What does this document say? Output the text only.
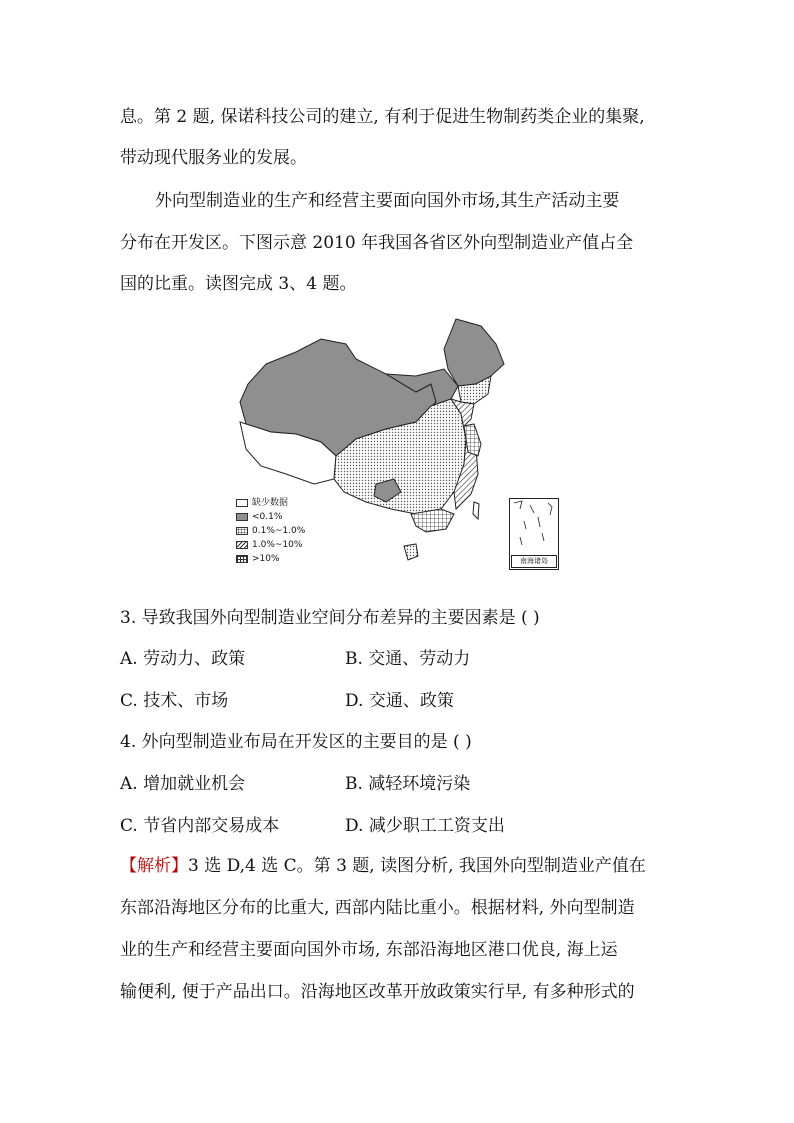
息。第 2 题, 保诺科技公司的建立, 有利于促进生物制药类企业的集聚,
带动现代服务业的发展。
外向型制造业的生产和经营主要面向国外市场,其生产活动主要
分布在开发区。下图示意 2010 年我国各省区外向型制造业产值占全
国的比重。读图完成 3、4 题。
缺少数据
<0.1%
0.1%~1.0%
1.0%~10%
>10%	南海诸岛
3. 导致我国外向型制造业空间分布差异的主要因素是 ( )
A. 劳动力、政策	B. 交通、劳动力
C. 技术、市场	D. 交通、政策
4. 外向型制造业布局在开发区的主要目的是 ( )
A. 增加就业机会	B. 减轻环境污染
C. 节省内部交易成本	D. 减少职工工资支出
【解析】3 选 D,4 选 C。第 3 题, 读图分析, 我国外向型制造业产值在
东部沿海地区分布的比重大, 西部内陆比重小。根据材料, 外向型制造
业的生产和经营主要面向国外市场, 东部沿海地区港口优良, 海上运
输便利, 便于产品出口。沿海地区改革开放政策实行早, 有多种形式的
